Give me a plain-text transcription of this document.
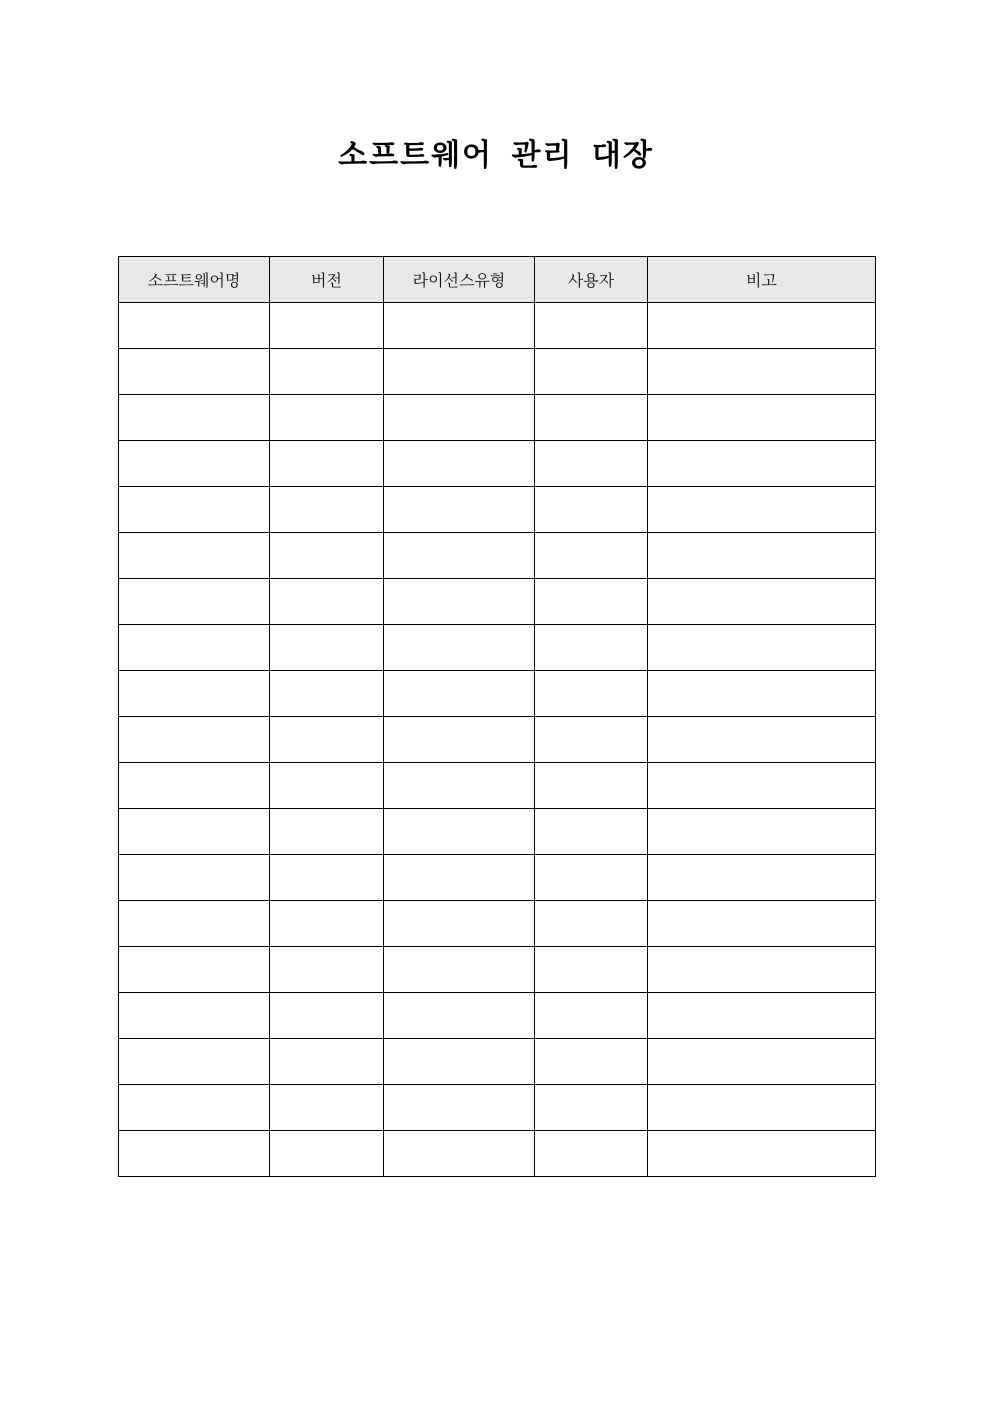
소프트웨어 관리 대장
소프트웨어명	버전	라이선스유형	사용자	비고
